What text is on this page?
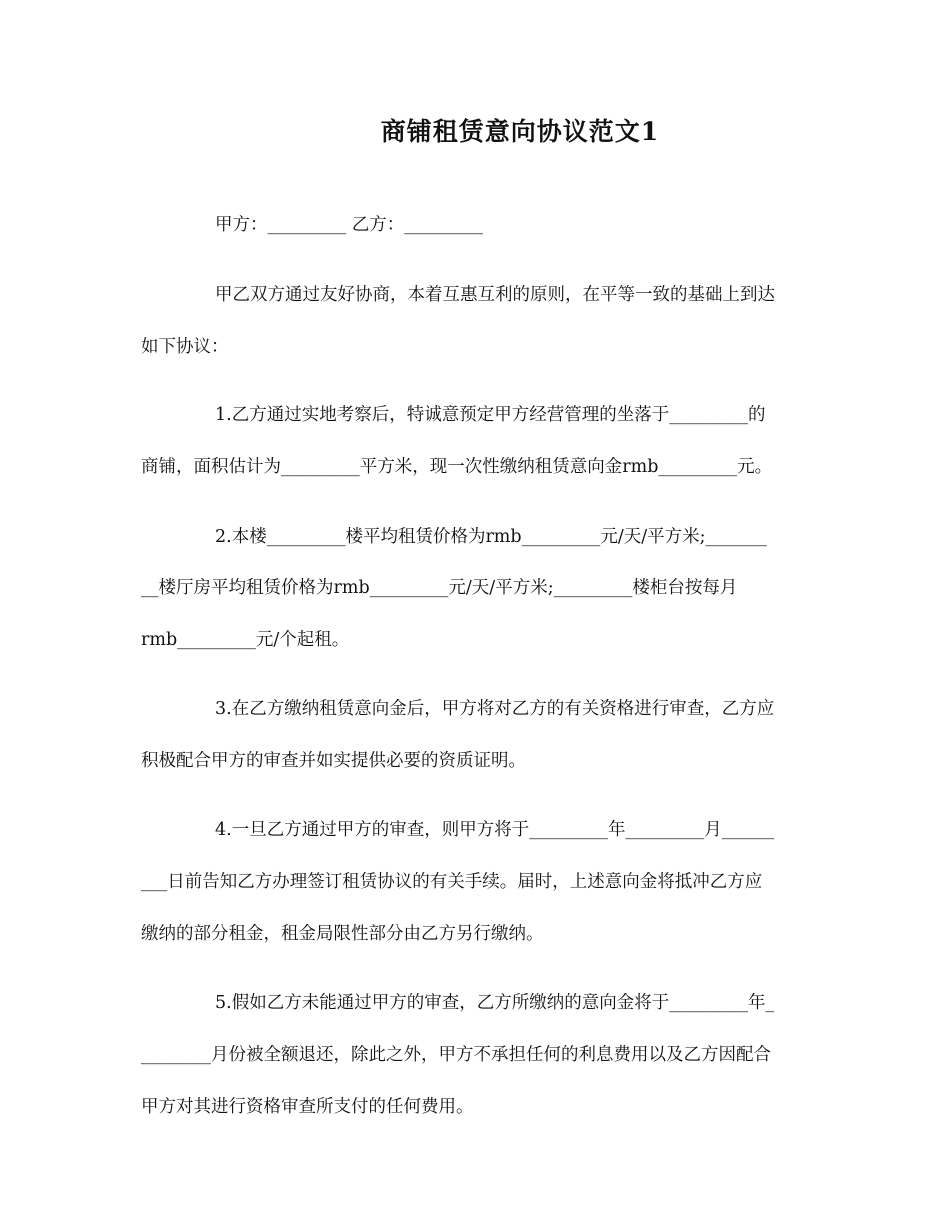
商铺租赁意向协议范文1
甲方：_________ 乙方：_________
甲乙双方通过友好协商，本着互惠互利的原则，在平等一致的基础上到达
如下协议：
1.乙方通过实地考察后，特诚意预定甲方经营管理的坐落于_________的
商铺，面积估计为_________平方米，现一次性缴纳租赁意向金rmb_________元。
2.本楼_________楼平均租赁价格为rmb_________元/天/平方米;_______
__楼厅房平均租赁价格为rmb_________元/天/平方米;_________楼柜台按每月
rmb_________元/个起租。
3.在乙方缴纳租赁意向金后，甲方将对乙方的有关资格进行审查，乙方应
积极配合甲方的审查并如实提供必要的资质证明。
4.一旦乙方通过甲方的审查，则甲方将于_________年_________月______
___日前告知乙方办理签订租赁协议的有关手续。届时，上述意向金将抵冲乙方应
缴纳的部分租金，租金局限性部分由乙方另行缴纳。
5.假如乙方未能通过甲方的审查，乙方所缴纳的意向金将于_________年_
________月份被全额退还，除此之外，甲方不承担任何的利息费用以及乙方因配合
甲方对其进行资格审查所支付的任何费用。
